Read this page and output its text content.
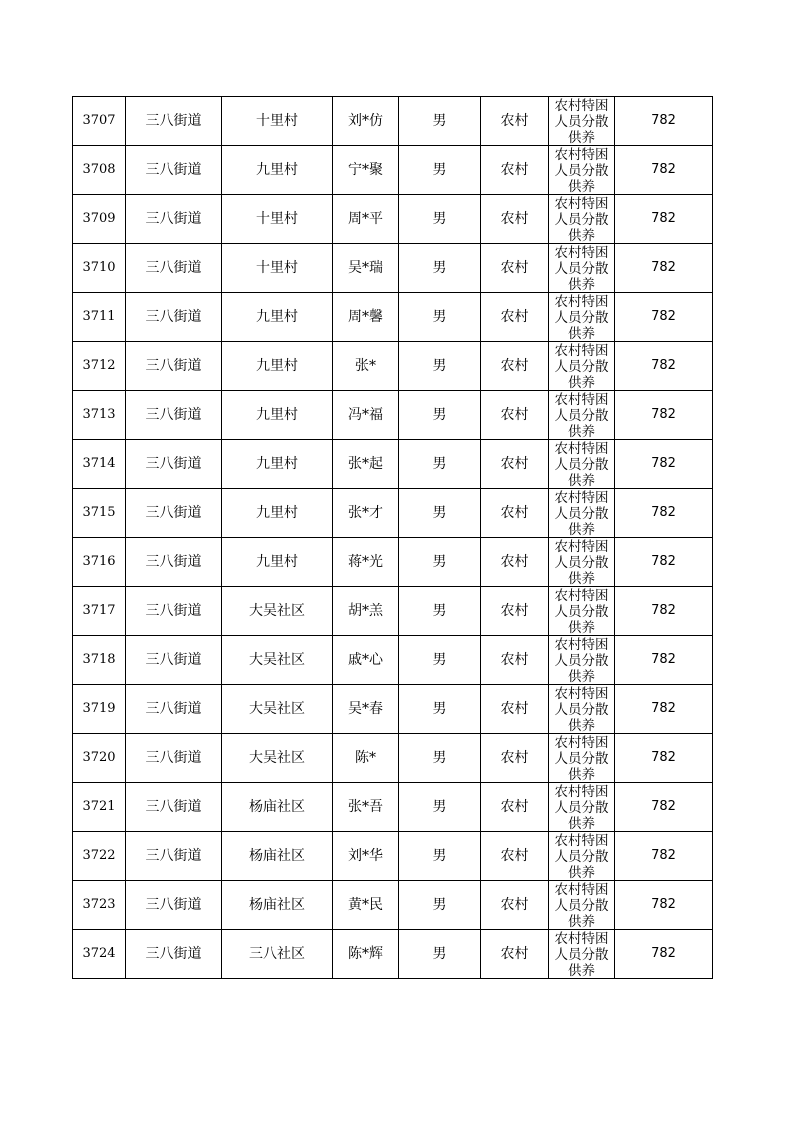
3707	三八街道	十里村	刘*仿	男	农村	农村特困人员分散供养	782
3708	三八街道	九里村	宁*聚	男	农村	农村特困人员分散供养	782
3709	三八街道	十里村	周*平	男	农村	农村特困人员分散供养	782
3710	三八街道	十里村	吴*瑞	男	农村	农村特困人员分散供养	782
3711	三八街道	九里村	周*馨	男	农村	农村特困人员分散供养	782
3712	三八街道	九里村	张*	男	农村	农村特困人员分散供养	782
3713	三八街道	九里村	冯*福	男	农村	农村特困人员分散供养	782
3714	三八街道	九里村	张*起	男	农村	农村特困人员分散供养	782
3715	三八街道	九里村	张*才	男	农村	农村特困人员分散供养	782
3716	三八街道	九里村	蒋*光	男	农村	农村特困人员分散供养	782
3717	三八街道	大吴社区	胡*羔	男	农村	农村特困人员分散供养	782
3718	三八街道	大吴社区	戚*心	男	农村	农村特困人员分散供养	782
3719	三八街道	大吴社区	吴*春	男	农村	农村特困人员分散供养	782
3720	三八街道	大吴社区	陈*	男	农村	农村特困人员分散供养	782
3721	三八街道	杨庙社区	张*吾	男	农村	农村特困人员分散供养	782
3722	三八街道	杨庙社区	刘*华	男	农村	农村特困人员分散供养	782
3723	三八街道	杨庙社区	黄*民	男	农村	农村特困人员分散供养	782
3724	三八街道	三八社区	陈*辉	男	农村	农村特困人员分散供养	782
